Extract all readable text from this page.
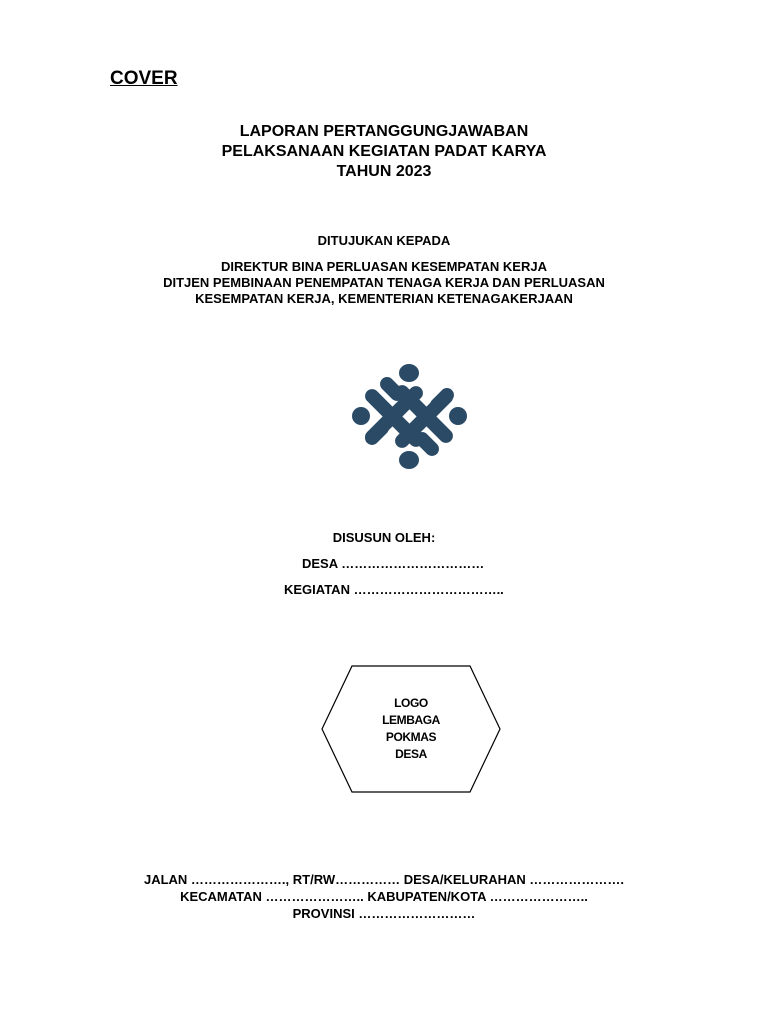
COVER
LAPORAN PERTANGGUNGJAWABAN
PELAKSANAAN KEGIATAN PADAT KARYA
TAHUN 2023
DITUJUKAN KEPADA
DIREKTUR BINA PERLUASAN KESEMPATAN KERJA
DITJEN PEMBINAAN PENEMPATAN TENAGA KERJA DAN PERLUASAN
KESEMPATAN KERJA, KEMENTERIAN KETENAGAKERJAAN
DISUSUN OLEH:
DESA ……………………………
KEGIATAN ……………………………..
LOGO
LEMBAGA
POKMAS
DESA
JALAN …………………., RT/RW…………… DESA/KELURAHAN ………………….
KECAMATAN ………………….. KABUPATEN/KOTA …………………..
PROVINSI ………………………
